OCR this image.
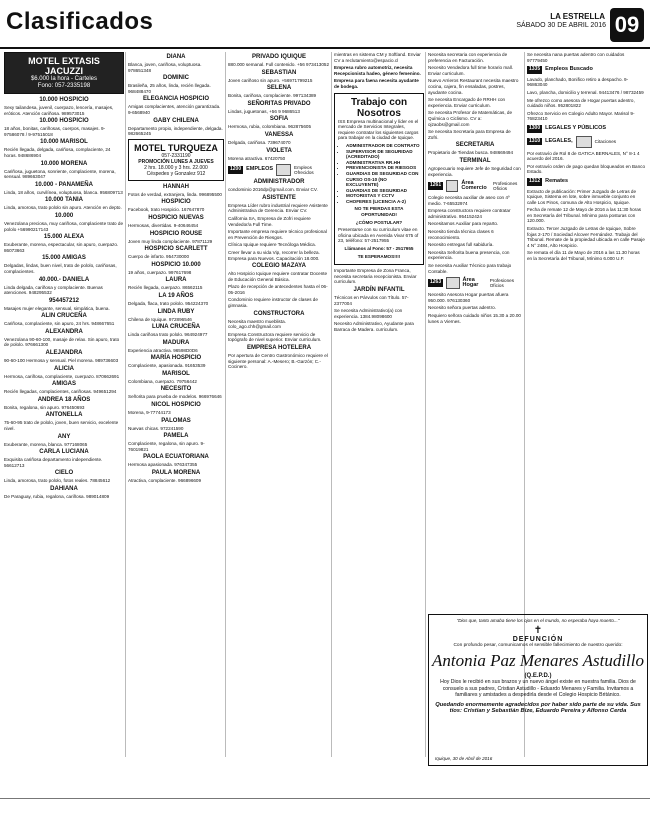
Clasificados	LA ESTRELLA
SÁBADO 30 DE ABRIL 2016 09
MOTEL EXTASIS
JACUZZI
$6.000 la hora - Carteles
Fono: 057-2335198
10.000 HOSPICIO

Sexy tailandesa, juvenil, cuerpazo, lencería, masajes, eróticos. Atención cariñosa. 989573015

10.000 HOSPICIO

18 años, bonitas, cariñosas, cuerpos, masajes. 9-97586078 / 9-97515018

10.000 MARISOL

Recién llegada, delgada, cariñosa, complaciente, 24 horas. 948686904

10.000 MORENA

Cariñosa, juguetona, sonriente, complaciente, morena, sensual. 989663047

10.000 - PANAMEÑA

Linda, 18 años, curvilínea, voluptuosa, blanca. 956809713

10.000 TANIA

Linda, amorosa, trato pololo sin apuro. Atención en depto.

10.000

Venezolana preciosa, muy cariñosa, complaciente trato de pololo +56990217143

15.000 ALEXA

Exuberante, morena, espectacular, sin apuro, cuerpazo. 86073663

15.000 AMIGAS

Delgadas, lindas, buen nivel, trato de pololo, cariñosas, complacientes.

40.000.- DANIELA

Linda delgada, cariñosa y complaciente. Buenas atenciones. 948295532

954457212

Masajes mujer elegante, sensual, simpática, buena.

ALIN CRUCEÑA

Cariñosa, complaciente, sin apuro, 24 hrs. 948667651

ALEXANDRA

Venezolana 90-60-100, masaje de relax. Sin apuro, trato de pololo. 976661300

ALEJANDRA

90-60-100 Hermosa y sensual. Piel morena. 989736603

ALICIA

Hermosa, cariñosa, complaciente, cuerpazo. 870662691

AMIGAS

Recién llegadas, complacientes, cariñosas. 949651294

ANDREA 18 AÑOS

Bonita, regalona, sin apuro. 976450693

ANTONELLA

75-60-95 trato de pololo, joven, buen servicio, excelente nivel.

ANY

Exuberante, morena, blanca. 977168065

CARLA LUCIANA

Exquisita cariñosa departamento independiente. 56612713

CIELO

Linda, amorosa, trato pololo, fotos reales. 78845612

DAHIANA

De Paraguay, rubia, regalona, cariñosa. 989014809

DIANA

Blanca, joven, cariñosa, voluptuosa. 978651348

DOMINIC

Brasileña, 25 años, linda, recién llegada. 968488470

ELEGANCIA HOSPICIO

Amigas complacientes, atención garantizada. 9-6568940

GABY CHILENA

Departamento propio, independiente, delgada. 982665245

MOTEL TURQUEZA
057-2331190
PROMOCIÓN LUNES A JUEVES
2 hrs. 18.000 y 3 hrs. 22.000
Céspedes y Gonzalez 912
HANNAH

Fotos de verdad, extranjera, linda. 996895500

HOSPICIO

Facebook, trato Hospicio. 167647870

HOSPICIO NUEVAS

Hermosas, divertidas. 9-40646454

HOSPICIO ROUSE

Joven muy linda complaciente. 97871129

HOSPICIO SCARLETT

Cuerpo de infarto. 954730000

HOSPICIO 10.000

19 años, cuerpazo. 997617698

LAURA

Recién llegada, cuerpazo. 86562115

LA 19 AÑOS

Delgada, flaca, trato pololo. 954224370

LINDA RUBY

Chilena de Iquique. 972896546

LUNA CRUCEÑA

Linda cariñosa trato pololo. 964924977

MADURA

Experiencia atractiva. 96598D0D6

MARÍA HOSPICIO

Complaciente, apasionada. 91653539

MARISOL

Colombiana, cuerpazo. 79756442

NECESITO

Señorita para prueba de modelos. 966976646

NICOL HOSPICIO

Morena, 9-77744173

PALOMAS

Nuevas chicas. 972241590

PAMELA

Complaciente, regalona, sin apuro. 9-76019821

PAOLA ECUATORIANA

Hermosa apasionada. 976347355

PAULA MORENA

Atractiva, complaciente. 966896609

PRIVADO IQUIQUE

880.000 semanal. Full contenido. +56 973413052

SEBASTIAN

Joven cariñoso sin apuro. +56971799215

SELENA

Bonita, cariñosa, complaciente. 997134389

SEÑORITAS PRIVADO

Lindas, juguetonas, +56 9 9686513

SOFIA

Hermosa, rubia, colombiana. 962875605

VANESSA

Delgada, cariñosa. 739674070

VIOLETA

Morena atractiva. 67420750

1200 EMPLEOS	Empleos Ofrecidos
ADMINISTRADOR

condominio 2016dp@gmail.com. Enviar CV.

ASISTENTE

Empresa Líder rubro industrial requiere Asistente Administrativa de Gerencia. Enviar CV.

California SA, Empresa de Zofri requiere Vendedor/a Full Time.

Importante empresa requiere técnico profesional en Prevención de Riesgos.

Clínica Iquique requiere Tecnóloga Médica.

Creer llevar a su vida Vip, recorrer la belleza. Empresa para Nuevos. Capacitación 18.000.

COLEGIO MAZAYA

Alto Hospicio Iquique requiere contratar Docente de Educación General Básica.

Plazo de recepción de antecedentes hasta el 06-05-2016

Condominio requiere instructor de clases de gimnasia.

CONSTRUCTORA

Necesita maestro mueblista. colo_ago.chh@gmail.com

Empresa Constructora requiere servicio de topógrafo de nivel superior. Enviar curriculum.

EMPRESA HOTELERA

Por apertura de Centro Gastronómico requiere el siguiente personal: A.-Mesero; B.-Garzón; C.-Cocinero.

mientras en sistema CM y Softland. Enviar CV a reclutamiento@espacio.cl

Empresa rubro automotriz, necesita Recepcionista hadeo, género femenino.

Empresa para faena necesita ayudante de bodega.

Trabajo con Nosotros

ISS Empresa multinacional y líder en el mercado de Servicios Integrales, requiere contratar los siguientes cargos para trabajar en la ciudad de Iquique.

• ADMINISTRADOR DE CONTRATO
• SUPERVISOR DE SEGURIDAD (ACREDITADO)
• ADMINISTRATIVA RR.HH
• PREVENCIONISTA DE RIESGOS
• GUARDIAS DE SEGURIDAD CON CURSO OS-10 (NO EXCLUYENTE)
• GUARDIAS DE SEGURIDAD
• MOTORISTAS Y CCTV
• CHOFERES (LICENCIA A-2)

NO TE PIERDAS ESTA OPORTUNIDAD!

¿CÓMO POSTULAR?

Presentarse con su curriculum vitae en oficina ubicada en Avenida Vivar 675 of 23, teléfono: 57-2517955

Llámanos al Fono: 57 - 2517955

TE ESPERAMOS!!!!

Importante Empresa de Zona Franca, necesita secretaria recepcionista. Enviar curriculum.

JARDÍN INFANTIL

Técnicos en Párvulos con Título. 57-2377004

Se necesita Administrativo(a) con experiencia. 1384.98098600

Necesito Administrativo, Ayudante para Barraca de Madera. curriculum.

Necesita secretaria con experiencia de preferencia en Facturación.

Necesito Vendedora full time horario mall. Enviar curriculum.

Nuevo Arrieros Restaurant necesita maestro cocina, cajera, fin ensaladas, postres, ayudante cocina.

Se necesita Encargado de RRHH con experiencia. Enviar curriculum.

Se necesita Profesor de Matemáticas, de Química o Ciclismo. CV a: ojzaobs@gmail.com

Se necesita Secretaria para Empresa de Zofri.

SECRETARIA

Propietario de Tiendas busca. 948669494

TERMINAL

Agropecuario requiere Jefe de Seguridad con experiencia.

1261	Área Comercio
Profesiones Oficios

Colegio necesita auxiliar de aseo con 4º medio. 7-65532974

Empresa constructora requiere contratar administrativo. 954152424

Necesitamos Auxiliar para reparto.

Necesito tienda técnica clases 6 reconocimiento.

Necesito entregas full sabiduría.

Necesita Señorita buena presencia, con experiencia.

Se necesita Auxiliar Técnico para trabajo Contable.

1263	Área Hogar
Profesiones Oficios

Necesito Asesora Hogar puertas afuera 950.000. 976130360

Necesito señora puertas adentro.

Requiero señora cuidado niños 15.30 a 20.00 lunes a Viernes.

Se necesita nana puertas adentro con cuidados 97779450

1335 Empleos Buscado

Lavado, planchado, Bonifico retiro a despacho. 9-96863040

Lavo, plancha, domicilio y terrenal. 94413476 / 98732459

Me ofrezco como asesora de Hogar puertas adentro, cuidado niños. 952801822

Ofrezco Servicio en Colegio Adulto Mayor. Marisol 9-76823410

1300 LEGALES Y PÚBLICOS
1310 LEGALES,	Citaciones

Por extravío de Rol 8 de GATICA BERNALES, N° 8-1 4 acuerdo del 2016.

Por extravío orden de pago quedan bloqueados en Banco Estado.

1312 Remates

Extracto de publicación: Primer Juzgado de Letras de Iquique, Sistema en lote, sobre inmueble conjunto en calle Los Pinos, comuna de Alto Hospicio, Iquique.

Fecha de remate 12 de Mayo de 2016 a las 11:30 horas en Secretaría del Tribunal. Mínimo para posturas con 120.000.

Extracto. Tercer Juzgado de Letras de Iquique, Sobre fojas 2-170 / Sociedad Alcover Fernández. Trabajo del Tribunal. Remate de la propiedad ubicada en calle Pasaje 4 N° 2484, Alto Hospicio.

Se remata el día 11 de Mayo de 2016 a las 11.30 horas en la Secretaría del Tribunal, Mínimo 6.000 U.F.

"Dios que, tanto amaba tiene los ojos en el mundo, no esperaba haya muerto..."
✝
DEFUNCIÓN
Con profundo pesar, comunicamos el sensible fallecimiento de nuestro querido:
Antonia Paz Menares Astudillo
(Q.E.P.D.)
Hoy Dios le recibió en sus brazos y un nuevo ángel existe en nuestra familia. Dios de consuelo a sus padres, Cristian Astudillo - Eduardo Menares y Familia. Invitamos a familiares y amistades a despedirla desde el Colegio Hospicio Británico.
Quedando enormemente agradecidos por haber sido parte de su vida. Sus tíos: Cristian y Sebastián Bize, Eduardo Pereira y Alfonso Cerda
Iquique, 30 de Abril de 2016
